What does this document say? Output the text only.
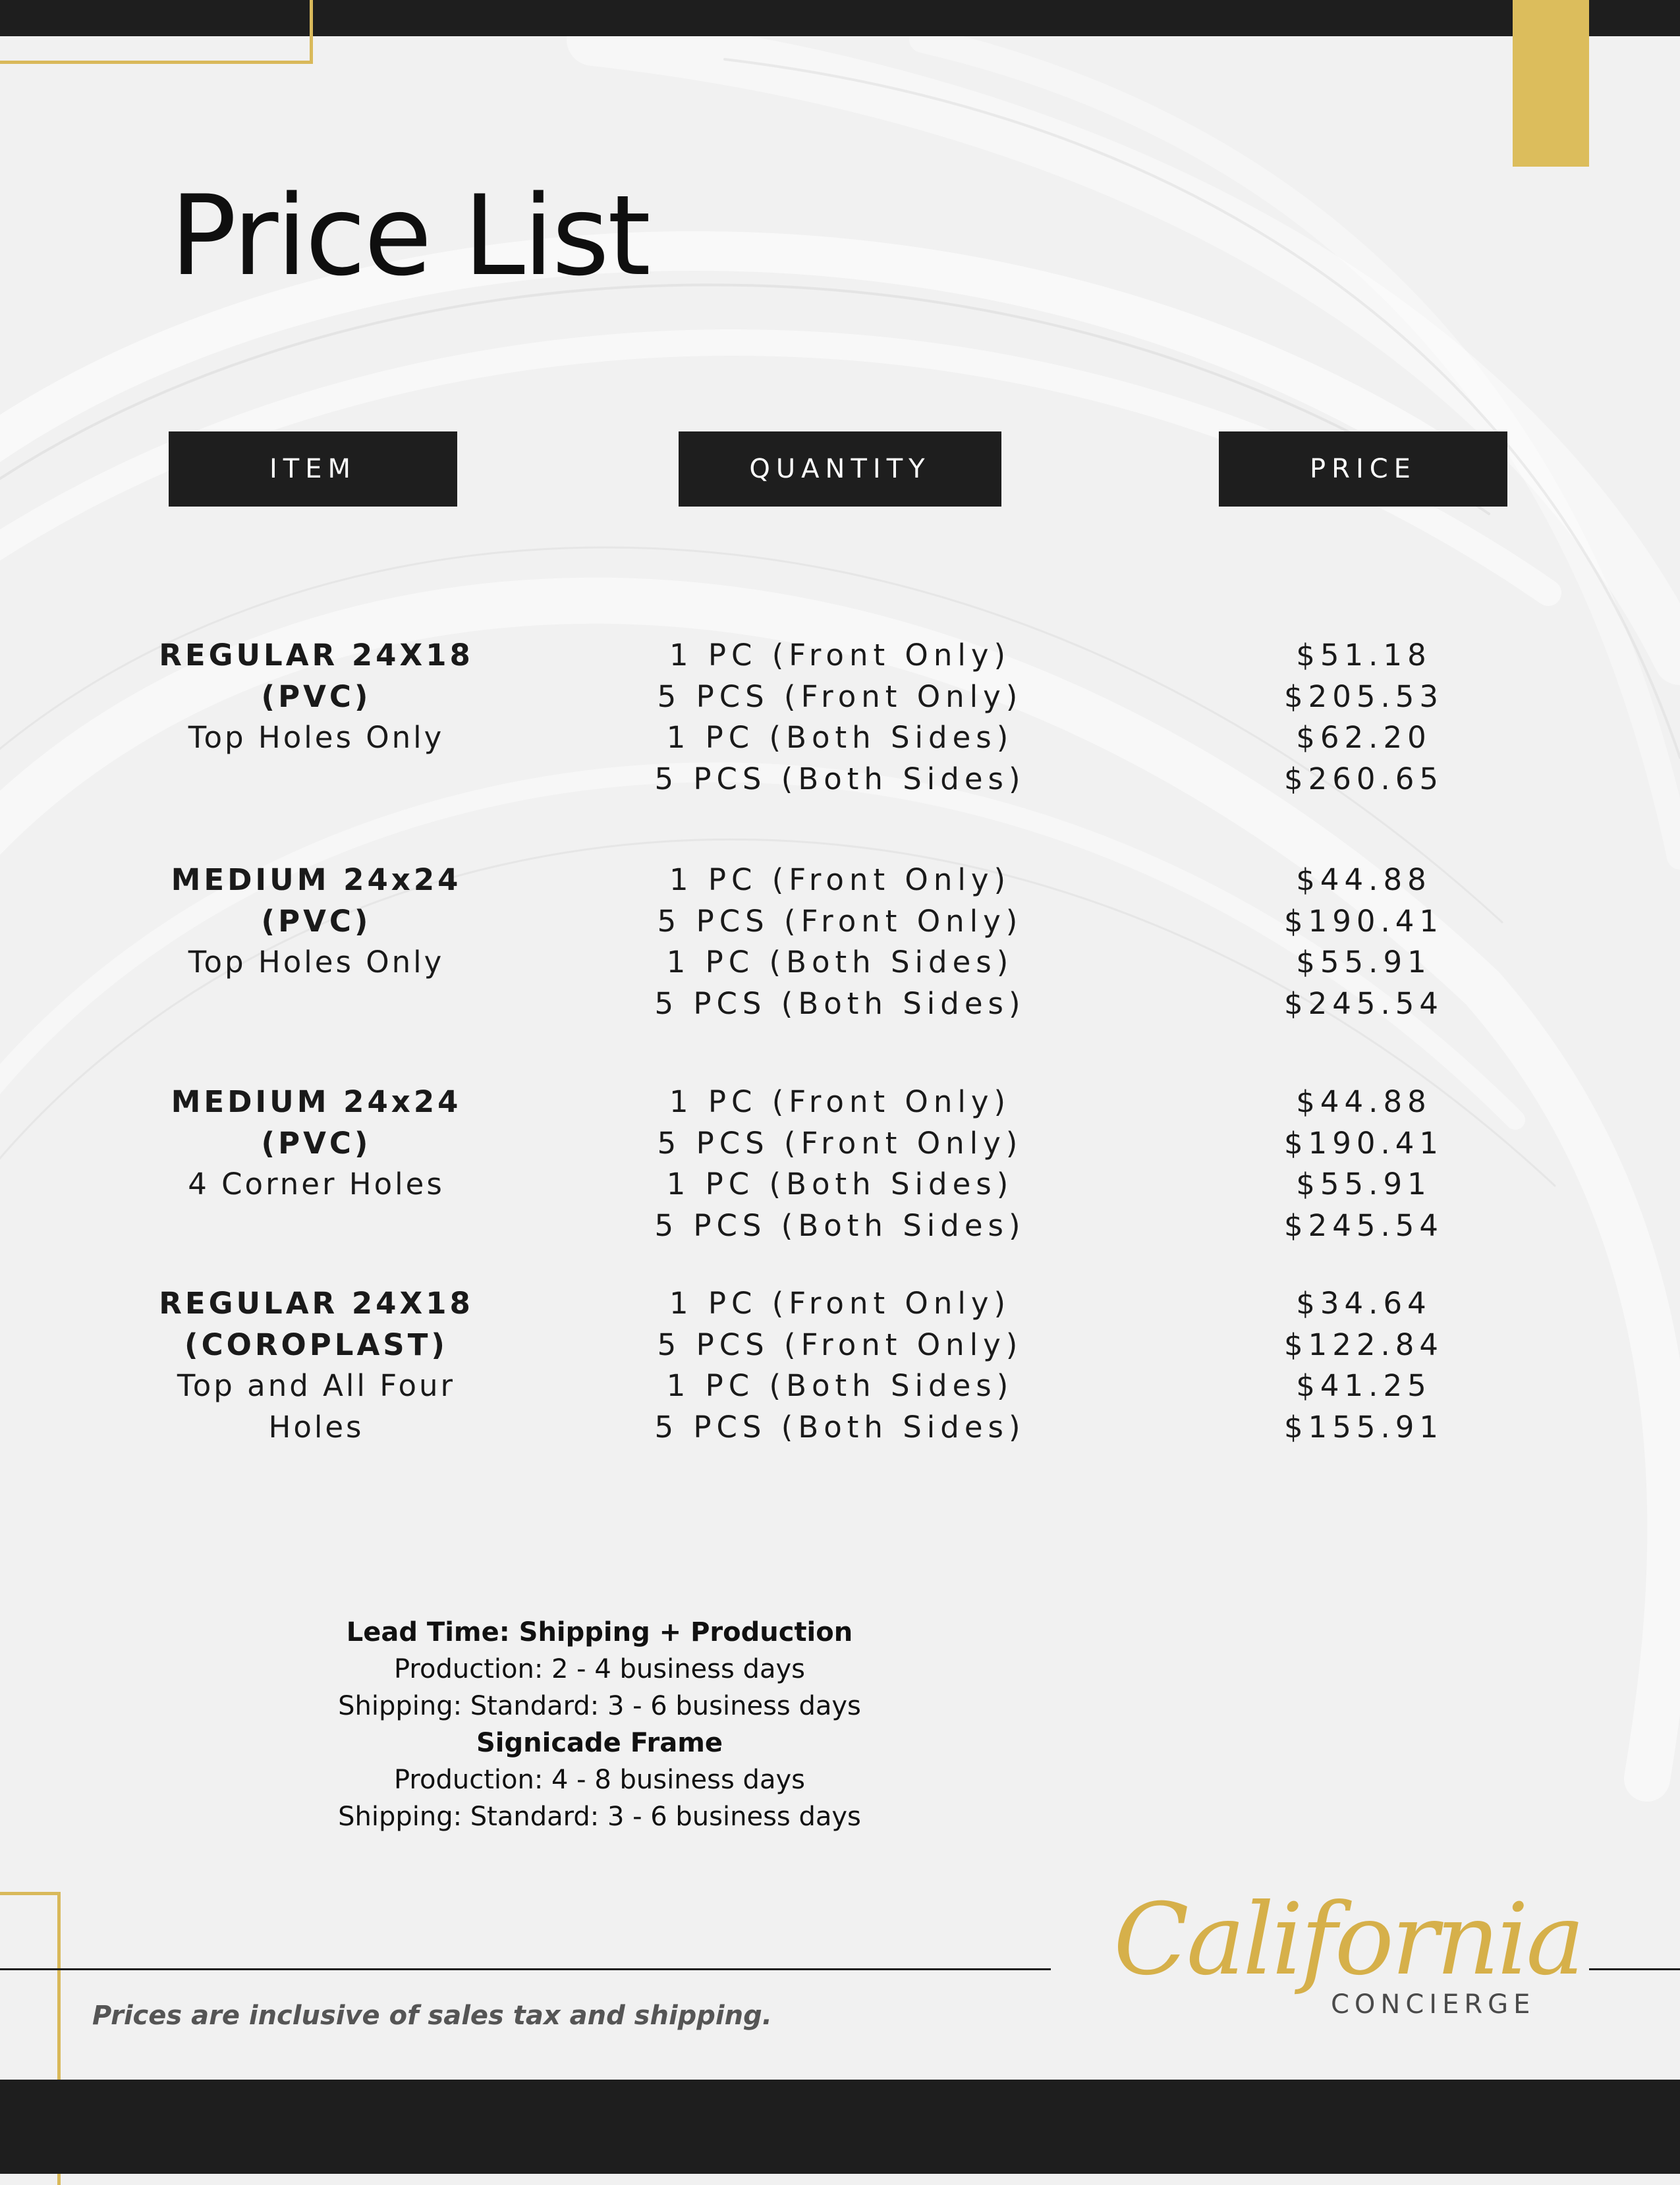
Price List
ITEM	QUANTITY	PRICE
REGULAR 24X18
(PVC)
Top Holes Only
1 PC (Front Only)
5 PCS (Front Only)
1 PC (Both Sides)
5 PCS (Both Sides)
$51.18
$205.53
$62.20
$260.65
MEDIUM 24x24
(PVC)
Top Holes Only
1 PC (Front Only)
5 PCS (Front Only)
1 PC (Both Sides)
5 PCS (Both Sides)
$44.88
$190.41
$55.91
$245.54
MEDIUM 24x24
(PVC)
4 Corner Holes
1 PC (Front Only)
5 PCS (Front Only)
1 PC (Both Sides)
5 PCS (Both Sides)
$44.88
$190.41
$55.91
$245.54
REGULAR 24X18
(COROPLAST)
Top and All Four
Holes
1 PC (Front Only)
5 PCS (Front Only)
1 PC (Both Sides)
5 PCS (Both Sides)
$34.64
$122.84
$41.25
$155.91
Lead Time: Shipping + Production
Production: 2 - 4 business days
Shipping: Standard: 3 - 6 business days
Signicade Frame
Production: 4 - 8 business days
Shipping: Standard: 3 - 6 business days
California
CONCIERGE
Prices are inclusive of sales tax and shipping.
